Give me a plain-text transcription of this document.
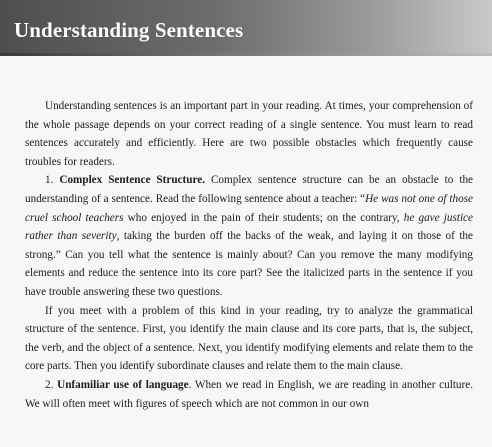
Understanding Sentences

Understanding sentences is an important part in your reading. At times, your comprehension of the whole passage depends on your correct reading of a single sentence. You must learn to read sentences accurately and efficiently. Here are two possible obstacles which frequently cause troubles for readers.

1. Complex Sentence Structure. Complex sentence structure can be an obstacle to the understanding of a sentence. Read the following sentence about a teacher: “He was not one of those cruel school teachers who enjoyed in the pain of their students; on the contrary, he gave justice rather than severity, taking the burden off the backs of the weak, and laying it on those of the strong.” Can you tell what the sentence is mainly about? Can you remove the many modifying elements and reduce the sentence into its core part? See the italicized parts in the sentence if you have trouble answering these two questions.

If you meet with a problem of this kind in your reading, try to analyze the grammatical structure of the sentence. First, you identify the main clause and its core parts, that is, the subject, the verb, and the object of a sentence. Next, you identify modifying elements and relate them to the core parts. Then you identify subordinate clauses and relate them to the main clause.

2. Unfamiliar use of language. When we read in English, we are reading in another culture. We will often meet with figures of speech which are not common in our own
